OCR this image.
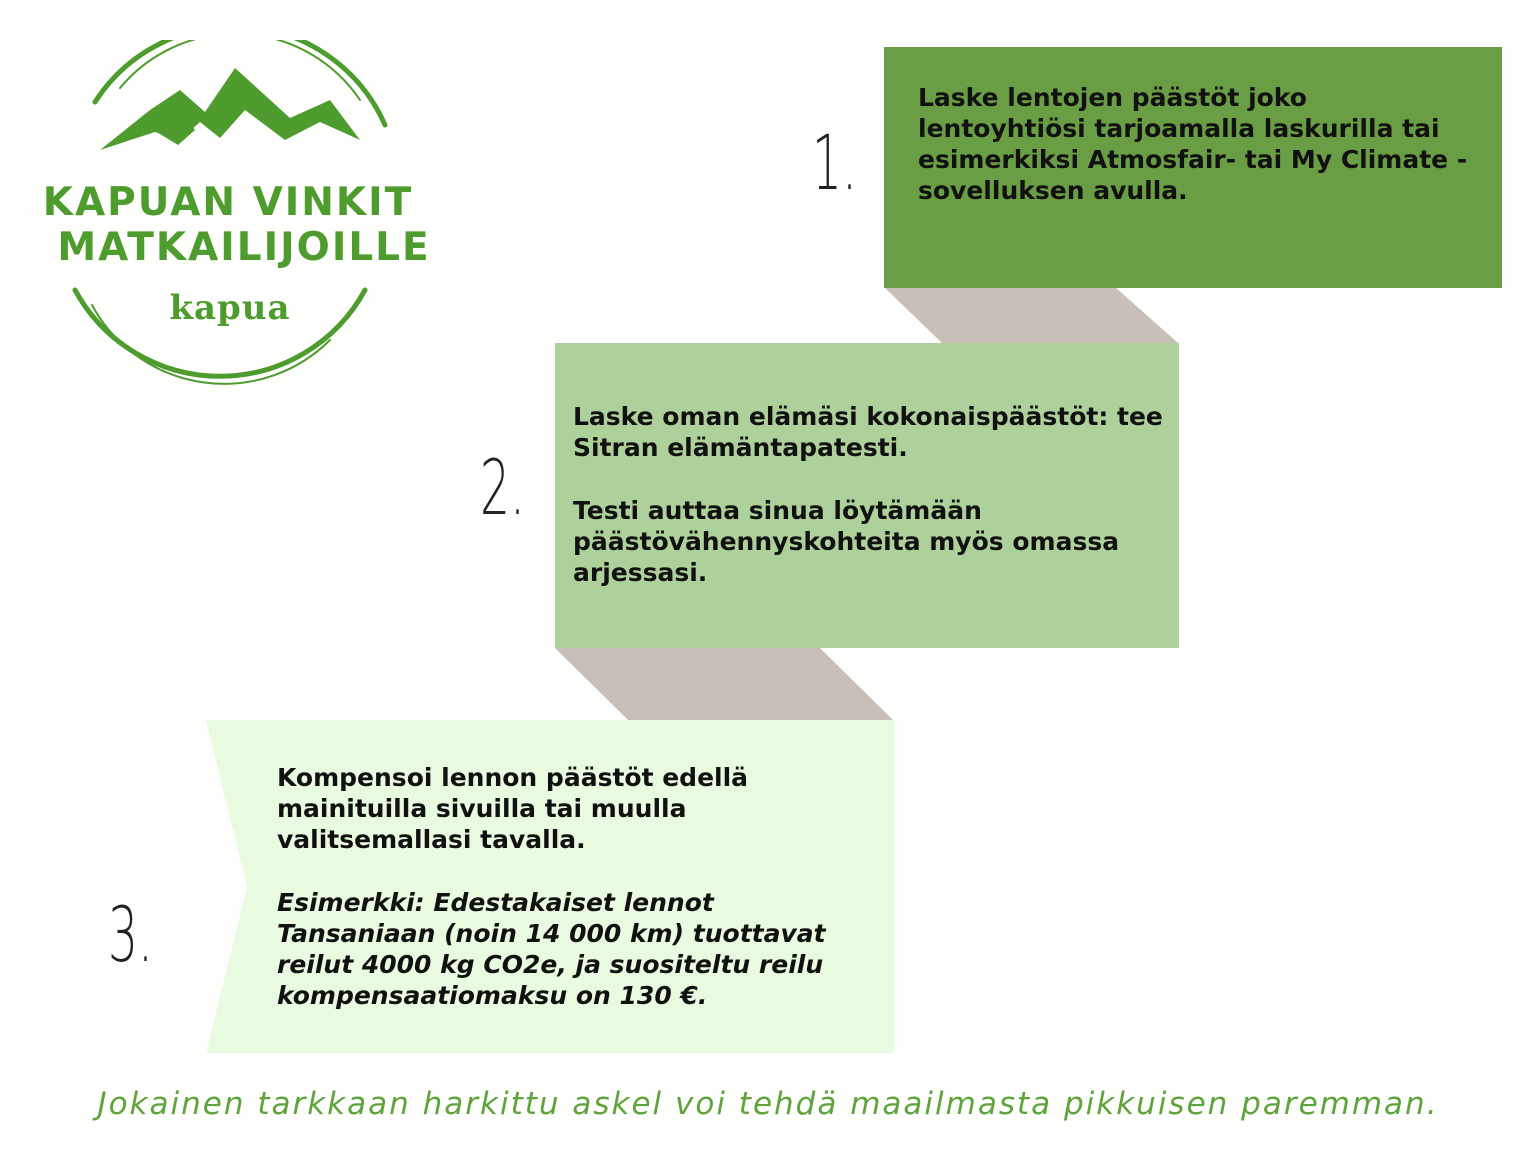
KAPUAN VINKIT
MATKAILIJOILLE
kapua
1.

Laske lentojen päästöt joko lentoyhtiösi tarjoamalla laskurilla tai esimerkiksi Atmosfair- tai My Climate -sovelluksen avulla.

2.

Laske oman elämäsi kokonaispäästöt: tee Sitran elämäntapatesti.

Testi auttaa sinua löytämään päästövähennyskohteita myös omassa arjessasi.

3.

Kompensoi lennon päästöt edellä mainituilla sivuilla tai muulla valitsemallasi tavalla.

Esimerkki: Edestakaiset lennot Tansaniaan (noin 14 000 km) tuottavat reilut 4000 kg CO2e, ja suositeltu reilu kompensaatiomaksu on 130 €.

Jokainen tarkkaan harkittu askel voi tehdä maailmasta pikkuisen paremman.
